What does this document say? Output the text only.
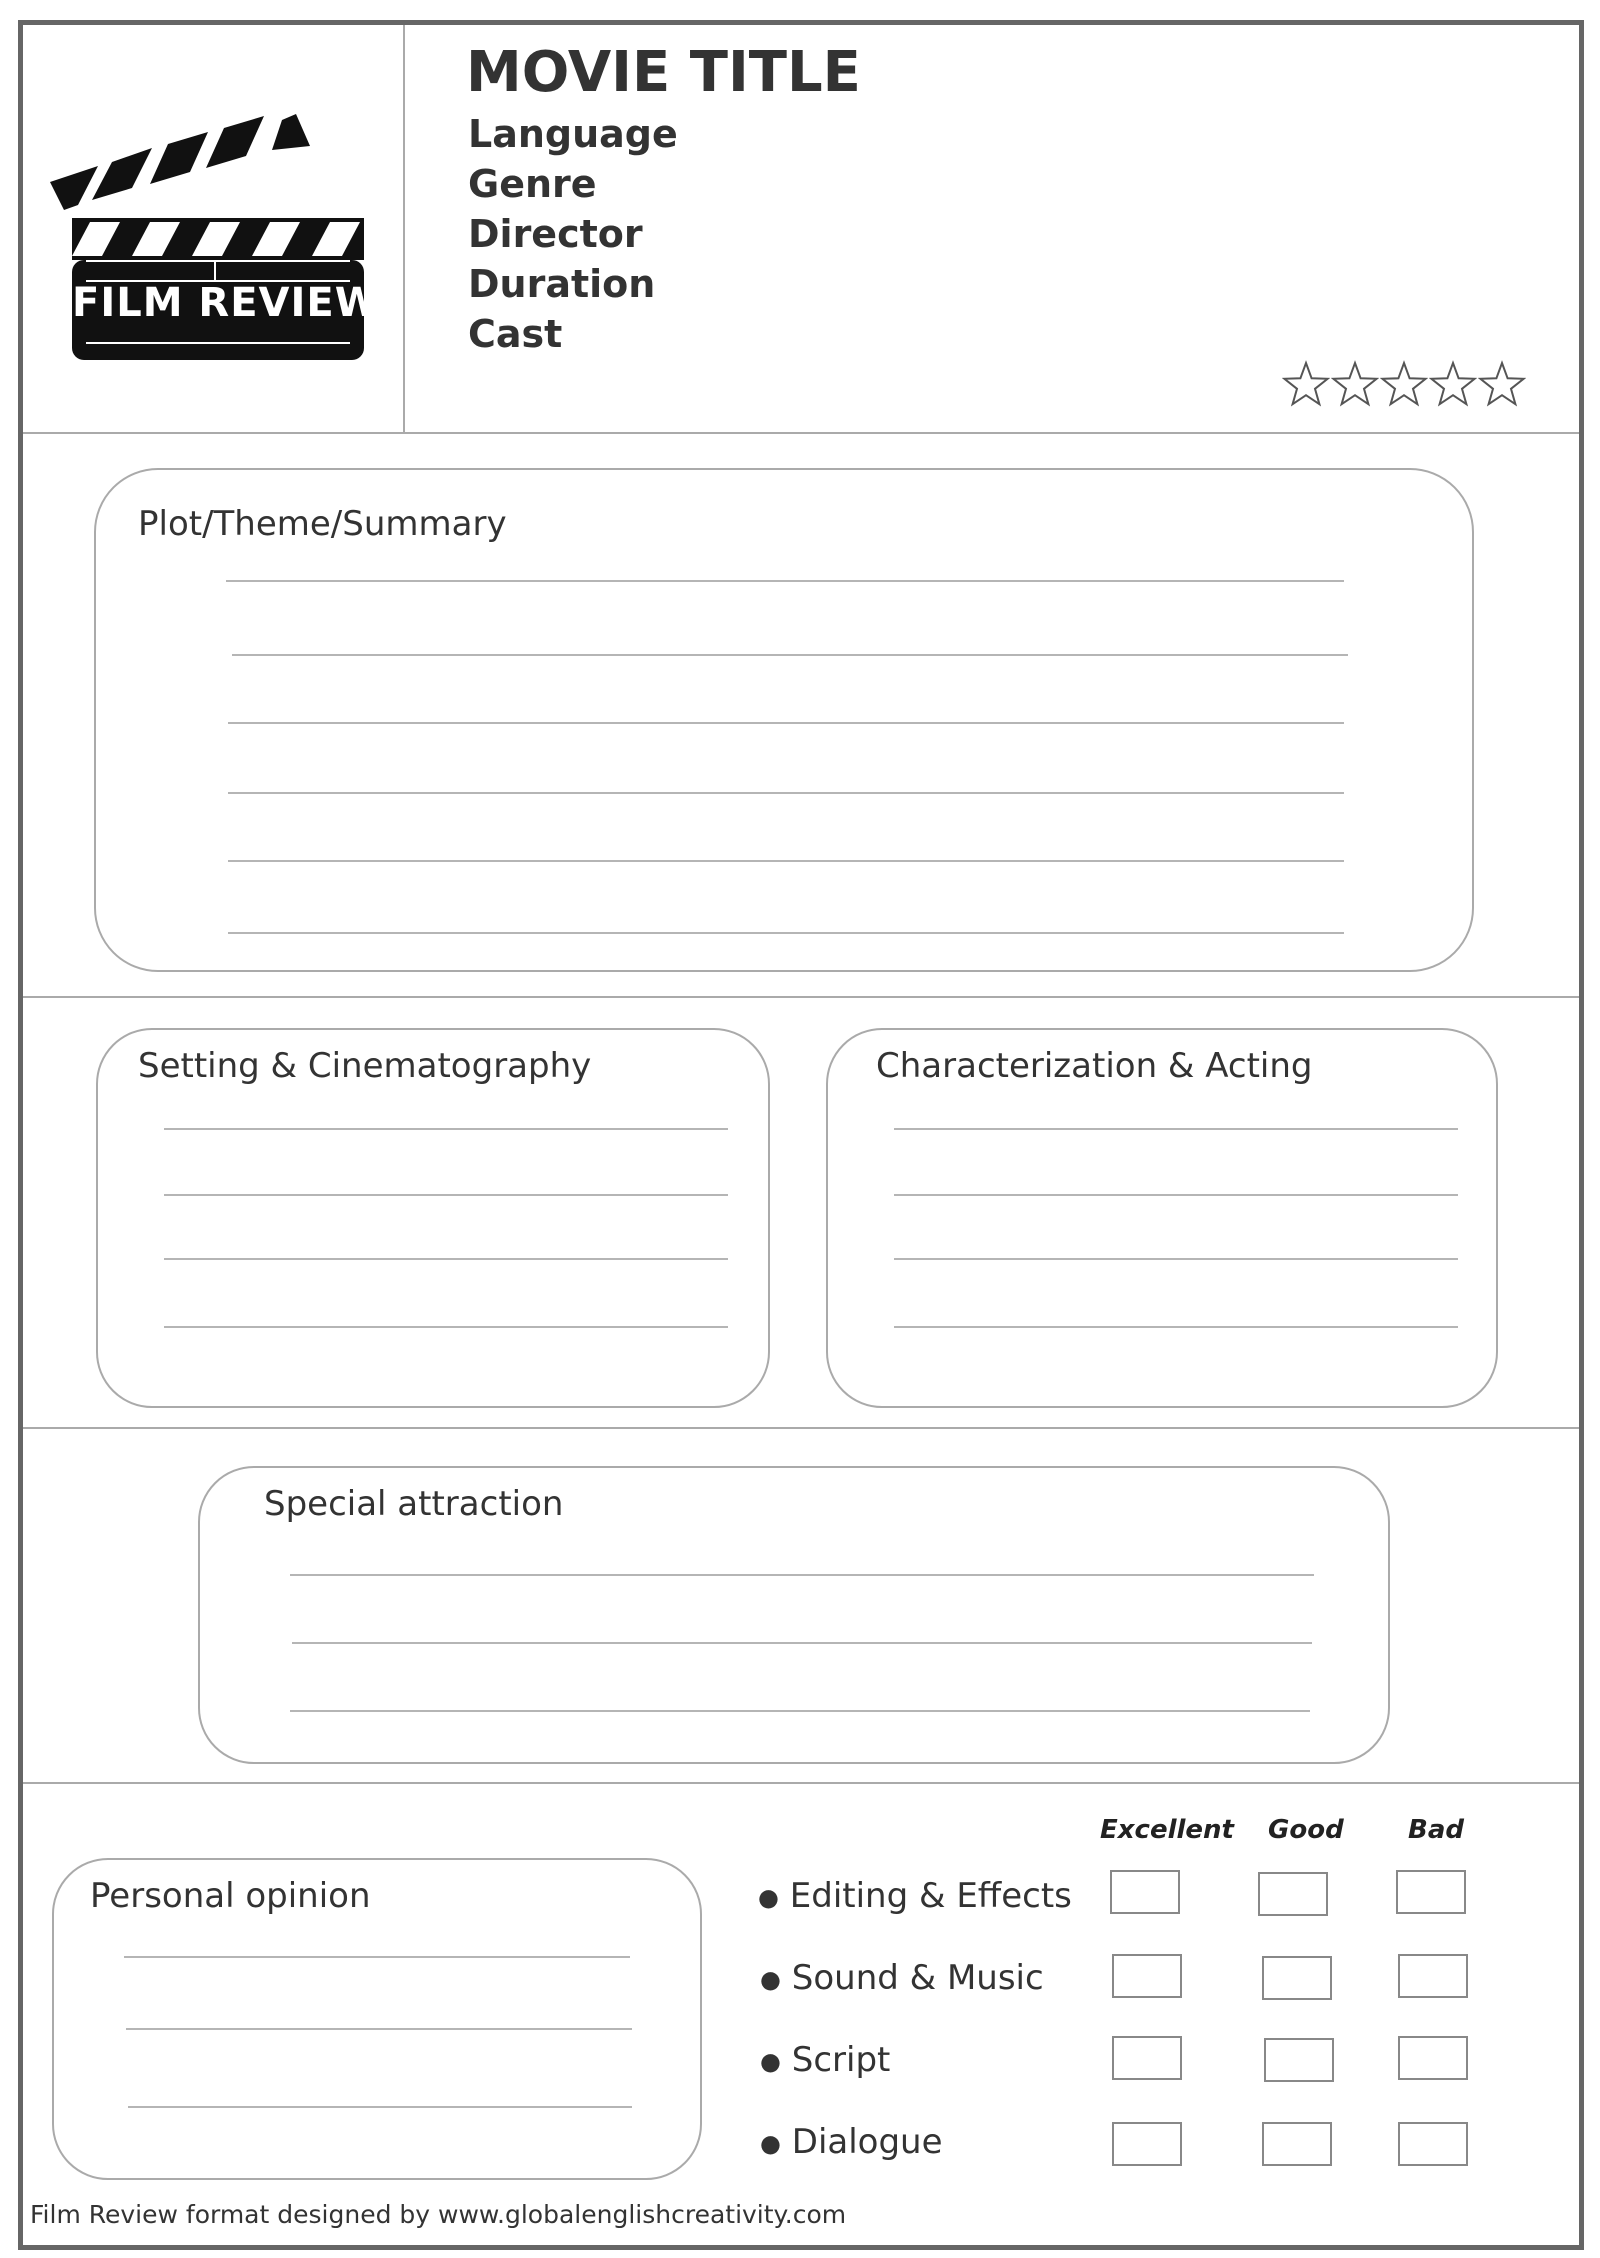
FILM REVIEW
MOVIE TITLE
Language
Genre
Director
Duration
Cast
Plot/Theme/Summary
Setting & Cinematography	Characterization & Acting
Special attraction
Personal opinion
Excellent Good Bad
● Editing & Effects
● Sound & Music
● Script
● Dialogue
Film Review format designed by www.globalenglishcreativity.com
